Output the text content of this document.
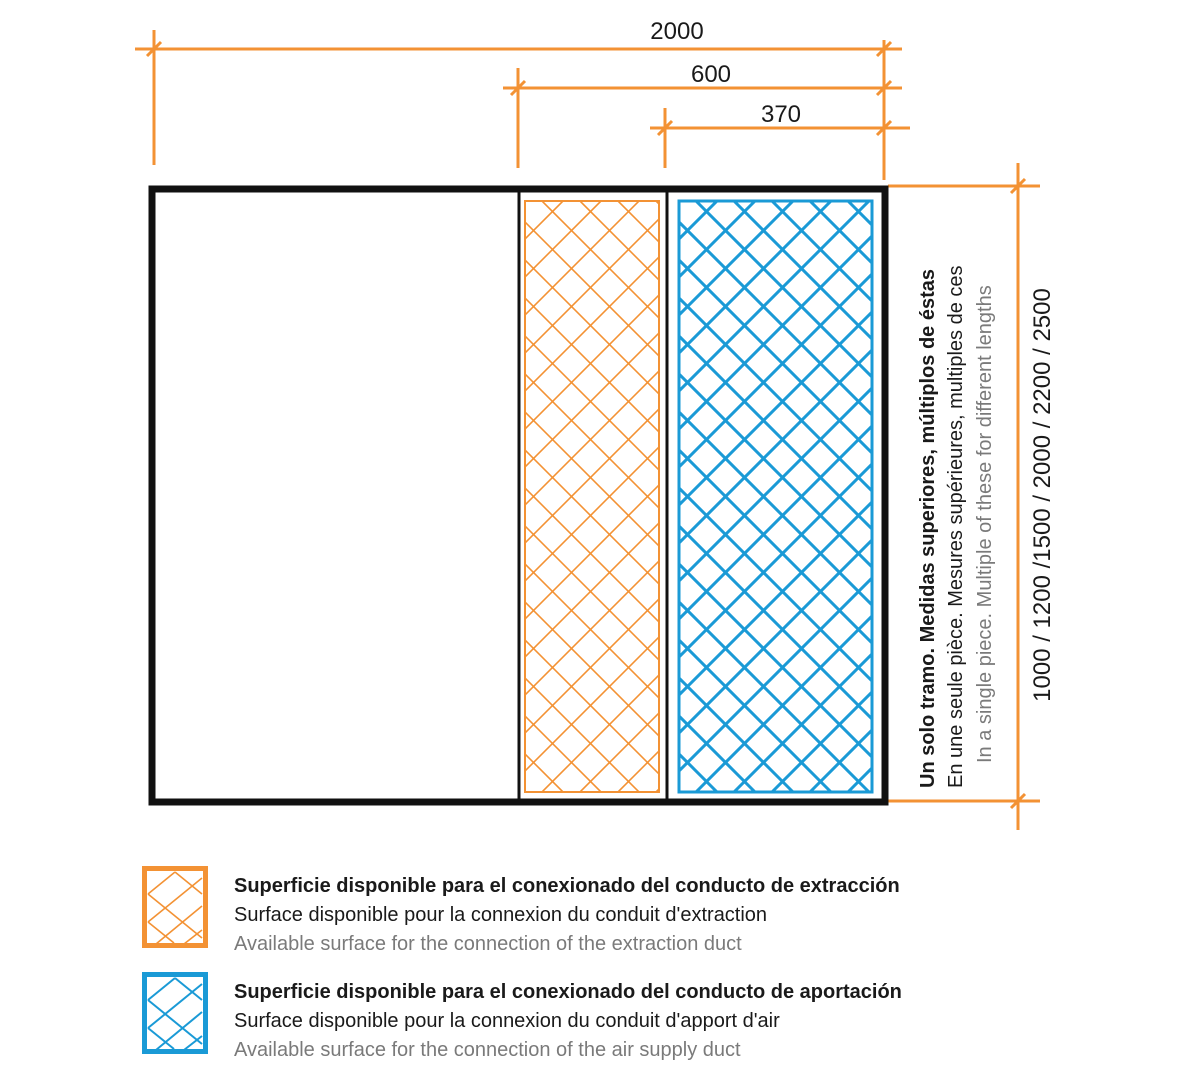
2000
600
370
1000 / 1200 /1500 / 2000 / 2200 / 2500
Un solo tramo. Medidas superiores, múltiplos de éstas En une seule pièce. Mesures supérieures, multiples de ces In a single piece. Multiple of these for different lengths
Superficie disponible para el conexionado del conducto de extracción
Surface disponible pour la connexion du conduit d'extraction
Available surface for the connection of the extraction duct
Superficie disponible para el conexionado del conducto de aportación
Surface disponible pour la connexion du conduit d'apport d'air
Available surface for the connection of the air supply duct
